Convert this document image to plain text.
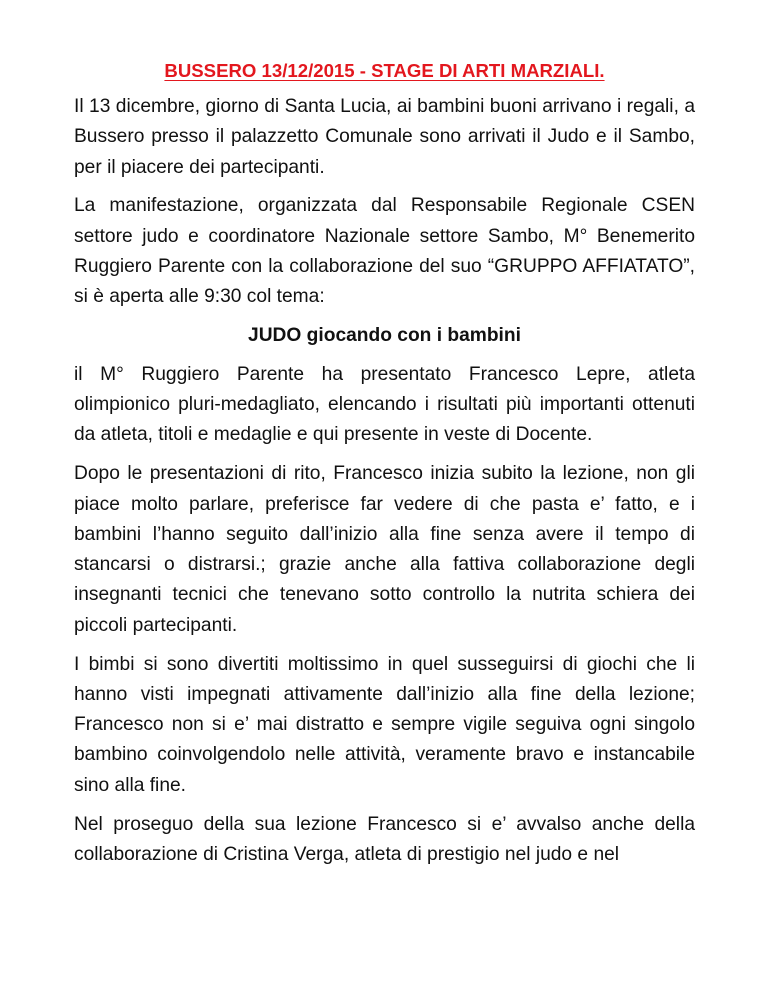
BUSSERO 13/12/2015 - STAGE DI ARTI MARZIALI.

Il 13 dicembre, giorno di Santa Lucia, ai bambini buoni arrivano i regali, a Bussero presso il palazzetto Comunale sono arrivati il Judo e il Sambo, per il piacere dei partecipanti.

La manifestazione, organizzata dal Responsabile Regionale CSEN settore judo e coordinatore Nazionale settore Sambo, M° Benemerito Ruggiero Parente con la collaborazione del suo “GRUPPO AFFIATATO”, si è aperta alle 9:30 col tema:

JUDO giocando con i bambini

il M° Ruggiero Parente ha presentato Francesco Lepre, atleta olimpionico pluri-medagliato, elencando i risultati più importanti ottenuti da atleta, titoli e medaglie e qui presente in veste di Docente.

Dopo le presentazioni di rito, Francesco inizia subito la lezione, non gli piace molto parlare, preferisce far vedere di che pasta e’ fatto, e i bambini l’hanno seguito dall’inizio alla fine senza avere il tempo di stancarsi o distrarsi.; grazie anche alla fattiva collaborazione degli insegnanti tecnici che tenevano sotto controllo la nutrita schiera dei piccoli partecipanti.

I bimbi si sono divertiti moltissimo in quel susseguirsi di giochi che li hanno visti impegnati attivamente dall’inizio alla fine della lezione; Francesco non si e’ mai distratto e sempre vigile seguiva ogni singolo bambino coinvolgendolo nelle attività, veramente bravo e instancabile sino alla fine.

Nel proseguo della sua lezione Francesco si e’ avvalso anche della collaborazione di Cristina Verga, atleta di prestigio nel judo e nel
